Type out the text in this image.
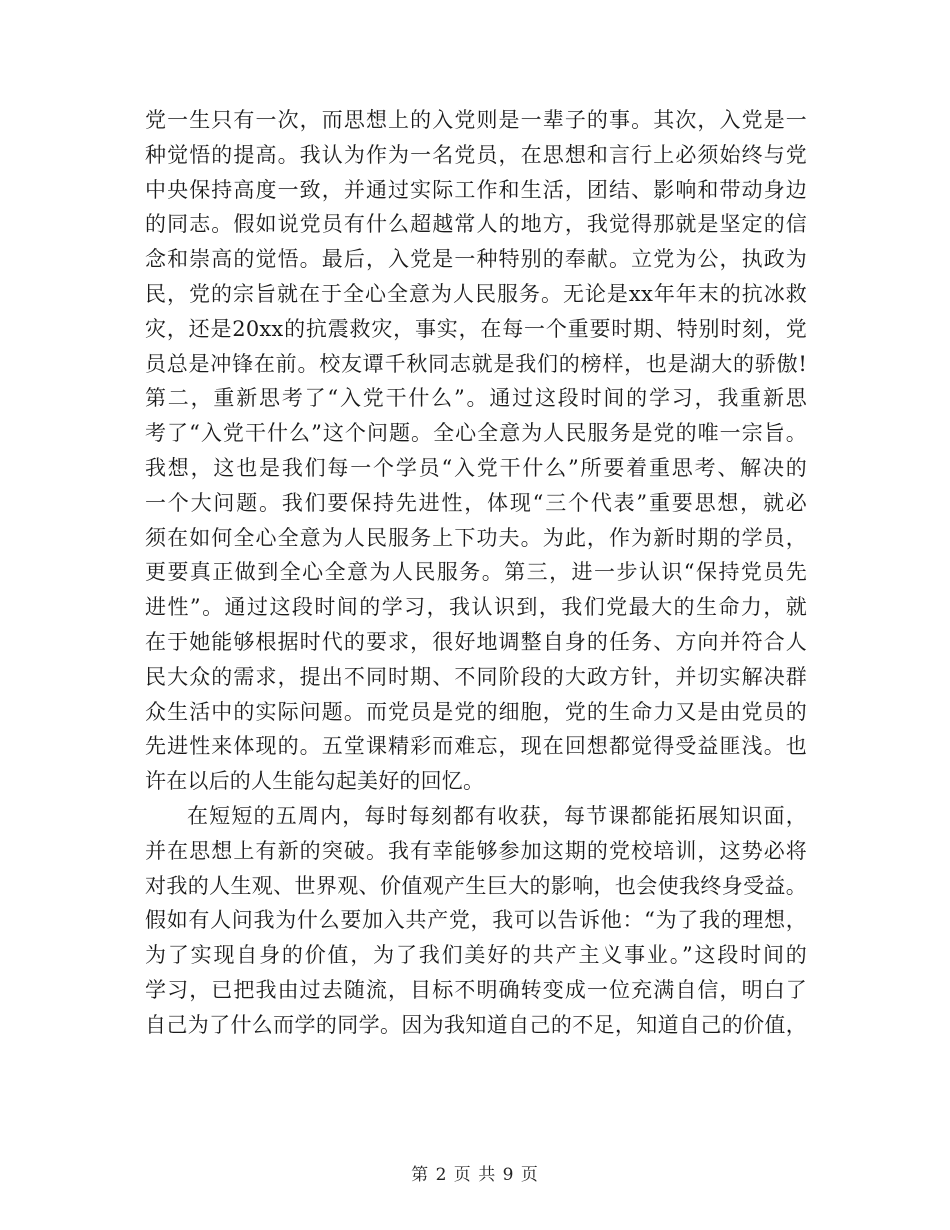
党一生只有一次，而思想上的入党则是一辈子的事。其次，入党是一
种觉悟的提高。我认为作为一名党员，在思想和言行上必须始终与党
中央保持高度一致，并通过实际工作和生活，团结、影响和带动身边
的同志。假如说党员有什么超越常人的地方，我觉得那就是坚定的信
念和崇高的觉悟。最后，入党是一种特别的奉献。立党为公，执政为
民，党的宗旨就在于全心全意为人民服务。无论是xx年年末的抗冰救
灾，还是20xx的抗震救灾，事实，在每一个重要时期、特别时刻，党
员总是冲锋在前。校友谭千秋同志就是我们的榜样，也是湖大的骄傲!
第二，重新思考了“入党干什么”。通过这段时间的学习，我重新思
考了“入党干什么”这个问题。全心全意为人民服务是党的唯一宗旨。
我想，这也是我们每一个学员“入党干什么”所要着重思考、解决的
一个大问题。我们要保持先进性，体现“三个代表”重要思想，就必
须在如何全心全意为人民服务上下功夫。为此，作为新时期的学员，
更要真正做到全心全意为人民服务。第三，进一步认识“保持党员先
进性”。通过这段时间的学习，我认识到，我们党最大的生命力，就
在于她能够根据时代的要求，很好地调整自身的任务、方向并符合人
民大众的需求，提出不同时期、不同阶段的大政方针，并切实解决群
众生活中的实际问题。而党员是党的细胞，党的生命力又是由党员的
先进性来体现的。五堂课精彩而难忘，现在回想都觉得受益匪浅。也
许在以后的人生能勾起美好的回忆。
在短短的五周内，每时每刻都有收获，每节课都能拓展知识面，
并在思想上有新的突破。我有幸能够参加这期的党校培训，这势必将
对我的人生观、世界观、价值观产生巨大的影响，也会使我终身受益。
假如有人问我为什么要加入共产党，我可以告诉他：“为了我的理想，
为了实现自身的价值，为了我们美好的共产主义事业。”这段时间的
学习，已把我由过去随流，目标不明确转变成一位充满自信，明白了
自己为了什么而学的同学。因为我知道自己的不足，知道自己的价值，
第 2 页 共 9 页
